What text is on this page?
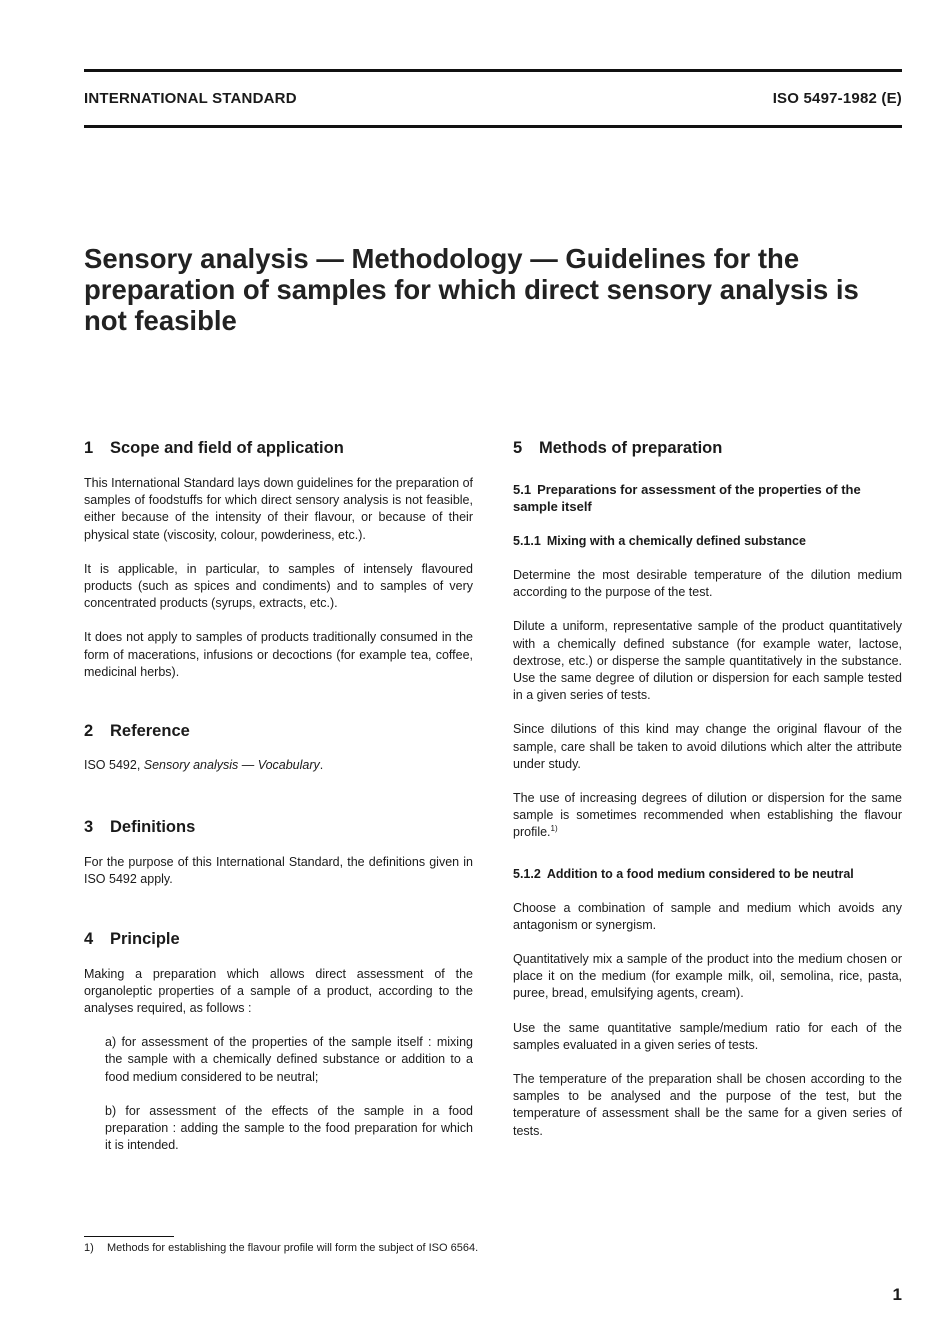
INTERNATIONAL STANDARD	ISO 5497-1982 (E)
Sensory analysis — Methodology — Guidelines for the preparation of samples for which direct sensory analysis is not feasible
1 Scope and field of application

This International Standard lays down guidelines for the preparation of samples of foodstuffs for which direct sensory analysis is not feasible, either because of the intensity of their flavour, or because of their physical state (viscosity, colour, powderiness, etc.).

It is applicable, in particular, to samples of intensely flavoured products (such as spices and condiments) and to samples of very concentrated products (syrups, extracts, etc.).

It does not apply to samples of products traditionally consumed in the form of macerations, infusions or decoctions (for example tea, coffee, medicinal herbs).

2 Reference

ISO 5492, Sensory analysis — Vocabulary.

3 Definitions

For the purpose of this International Standard, the definitions given in ISO 5492 apply.

4 Principle

Making a preparation which allows direct assessment of the organoleptic properties of a sample of a product, according to the analyses required, as follows :

a) for assessment of the properties of the sample itself : mixing the sample with a chemically defined substance or addition to a food medium considered to be neutral;

b) for assessment of the effects of the sample in a food preparation : adding the sample to the food preparation for which it is intended.

5 Methods of preparation
5.1 Preparations for assessment of the properties of the sample itself
5.1.1 Mixing with a chemically defined substance

Determine the most desirable temperature of the dilution medium according to the purpose of the test.

Dilute a uniform, representative sample of the product quantitatively with a chemically defined substance (for example water, lactose, dextrose, etc.) or disperse the sample quantitatively in the substance. Use the same degree of dilution or dispersion for each sample tested in a given series of tests.

Since dilutions of this kind may change the original flavour of the sample, care shall be taken to avoid dilutions which alter the attribute under study.

The use of increasing degrees of dilution or dispersion for the same sample is sometimes recommended when establishing the flavour profile.$^{1)}$

5.1.2 Addition to a food medium considered to be neutral

Choose a combination of sample and medium which avoids any antagonism or synergism.

Quantitatively mix a sample of the product into the medium chosen or place it on the medium (for example milk, oil, semolina, rice, pasta, puree, bread, emulsifying agents, cream).

Use the same quantitative sample/medium ratio for each of the samples evaluated in a given series of tests.

The temperature of the preparation shall be chosen according to the samples to be analysed and the purpose of the test, but the temperature of assessment shall be the same for a given series of tests.

1) Methods for establishing the flavour profile will form the subject of ISO 6564.
1
